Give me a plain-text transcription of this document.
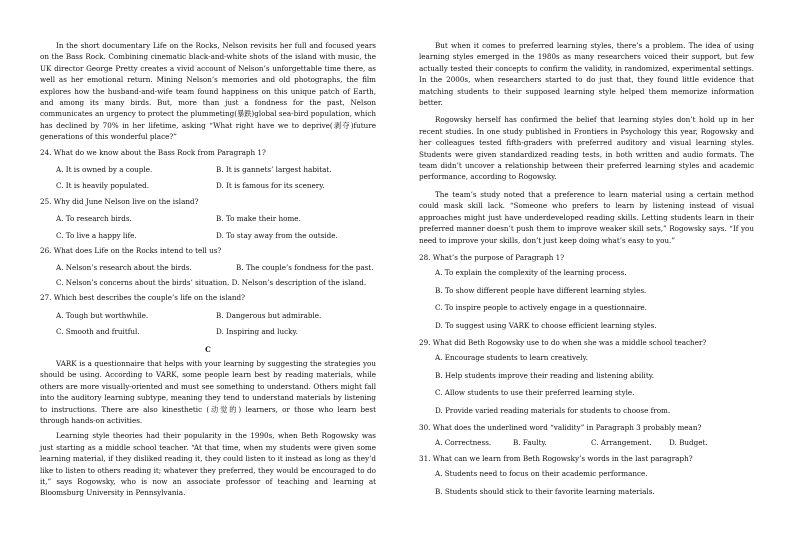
In the short documentary Life on the Rocks, Nelson revisits her full and focused years on the Bass Rock. Combining cinematic black-and-white shots of the island with music, the UK director George Pretty creates a vivid account of Nelson’s unforgettable time there, as well as her emotional return. Mining Nelson’s memories and old photographs, the film explores how the husband-and-wife team found happiness on this unique patch of Earth, and among its many birds. But, more than just a fondness for the past, Nelson communicates an urgency to protect the plummeting(暴跌)global sea-bird population, which has declined by 70% in her lifetime, asking “What right have we to deprive(剥夺)future generations of this wonderful place?”

24. What do we know about the Bass Rock from Paragraph 1?

A. It is owned by a couple.	B. It is gannets’ largest habitat.
C. It is heavily populated.	D. It is famous for its scenery.

25. Why did June Nelson live on the island?

A. To research birds.	B. To make their home.
C. To live a happy life.	D. To stay away from the outside.

26. What does Life on the Rocks intend to tell us?

A. Nelson’s research about the birds.	B. The couple’s fondness for the past.

C. Nelson’s concerns about the birds’ situation. D. Nelson’s description of the island.

27. Which best describes the couple’s life on the island?

A. Tough but worthwhile.	B. Dangerous but admirable.
C. Smooth and fruitful.	D. Inspiring and lucky.

C

VARK is a questionnaire that helps with your learning by suggesting the strategies you should be using. According to VARK, some people learn best by reading materials, while others are more visually-oriented and must see something to understand. Others might fall into the auditory learning subtype, meaning they tend to understand materials by listening to instructions. There are also kinesthetic (动觉的) learners, or those who learn best through hands-on activities.

Learning style theories had their popularity in the 1990s, when Beth Rogowsky was just starting as a middle school teacher. “At that time, when my students were given some learning material, if they disliked reading it, they could listen to it instead as long as they’d like to listen to others reading it; whatever they preferred, they would be encouraged to do it,” says Rogowsky, who is now an associate professor of teaching and learning at Bloomsburg University in Pennsylvania.

But when it comes to preferred learning styles, there’s a problem. The idea of using learning styles emerged in the 1980s as many researchers voiced their support, but few actually tested their concepts to confirm the validity, in randomized, experimental settings. In the 2000s, when researchers started to do just that, they found little evidence that matching students to their supposed learning style helped them memorize information better.

Rogowsky herself has confirmed the belief that learning styles don’t hold up in her recent studies. In one study published in Frontiers in Psychology this year, Rogowsky and her colleagues tested fifth-graders with preferred auditory and visual learning styles. Students were given standardized reading tests, in both written and audio formats. The team didn’t uncover a relationship between their preferred learning styles and academic performance, according to Rogowsky.

The team’s study noted that a preference to learn material using a certain method could mask skill lack. “Someone who prefers to learn by listening instead of visual approaches might just have underdeveloped reading skills. Letting students learn in their preferred manner doesn’t push them to improve weaker skill sets,” Rogowsky says. “If you need to improve your skills, don’t just keep doing what’s easy to you.”

28. What’s the purpose of Paragraph 1?

A. To explain the complexity of the learning process.

B. To show different people have different learning styles.

C. To inspire people to actively engage in a questionnaire.

D. To suggest using VARK to choose efficient learning styles.

29. What did Beth Rogowsky use to do when she was a middle school teacher?

A. Encourage students to learn creatively.

B. Help students improve their reading and listening ability.

C. Allow students to use their preferred learning style.

D. Provide varied reading materials for students to choose from.

30. What does the underlined word “validity” in Paragraph 3 probably mean?

A. Correctness.	B. Faulty.	C. Arrangement.	D. Budget.

31. What can we learn from Beth Rogowsky’s words in the last paragraph?

A. Students need to focus on their academic performance.

B. Students should stick to their favorite learning materials.
